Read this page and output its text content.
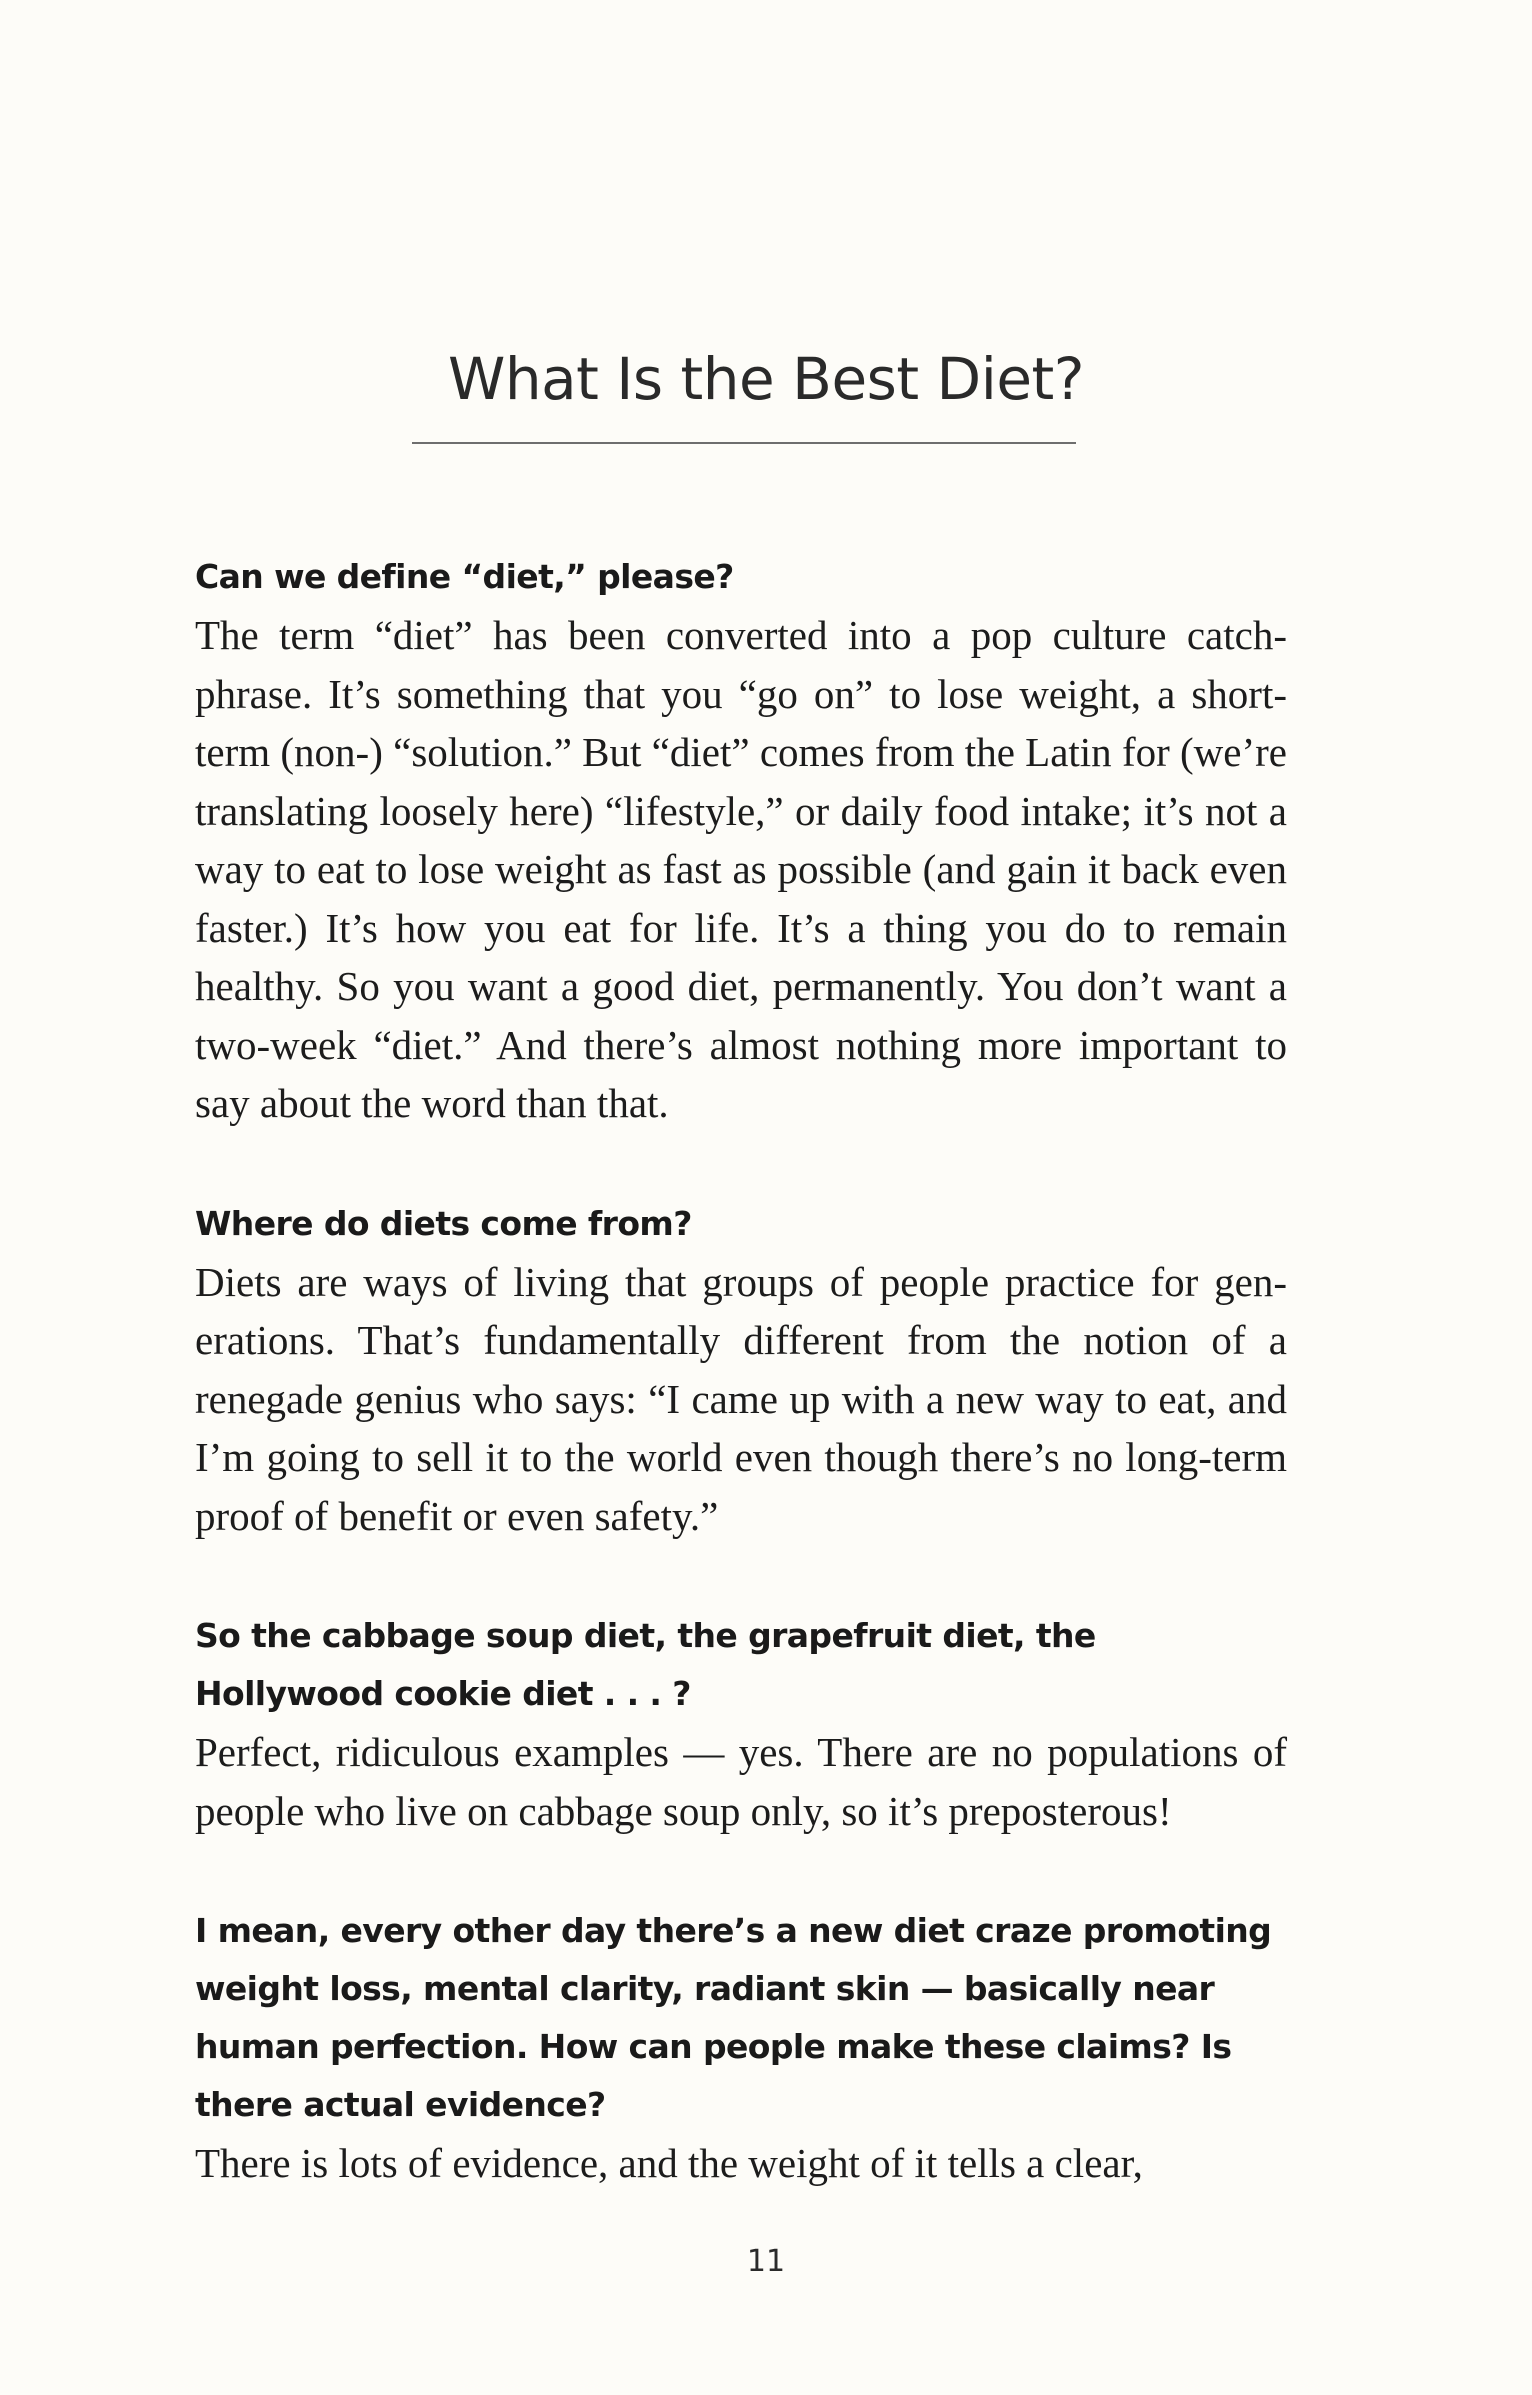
What Is the Best Diet?

Can we define “diet,” please?

The term “diet” has been converted into a pop culture catchphrase. It’s something that you “go on” to lose weight, a short-term (non-) “solution.” But “diet” comes from the Latin for (we’re translating loosely here) “lifestyle,” or daily food intake; it’s not a way to eat to lose weight as fast as possible (and gain it back even faster.) It’s how you eat for life. It’s a thing you do to remain healthy. So you want a good diet, permanently. You don’t want a two-week “diet.” And there’s almost nothing more important to say about the word than that.

Where do diets come from?

Diets are ways of living that groups of people practice for generations. That’s fundamentally different from the notion of a renegade genius who says: “I came up with a new way to eat, and I’m going to sell it to the world even though there’s no long-term proof of benefit or even safety.”

So the cabbage soup diet, the grapefruit diet, the Hollywood cookie diet . . . ?

Perfect, ridiculous examples — yes. There are no populations of people who live on cabbage soup only, so it’s preposterous!

I mean, every other day there’s a new diet craze promoting weight loss, mental clarity, radiant skin — basically near human perfection. How can people make these claims? Is there actual evidence?

There is lots of evidence, and the weight of it tells a clear,

11
